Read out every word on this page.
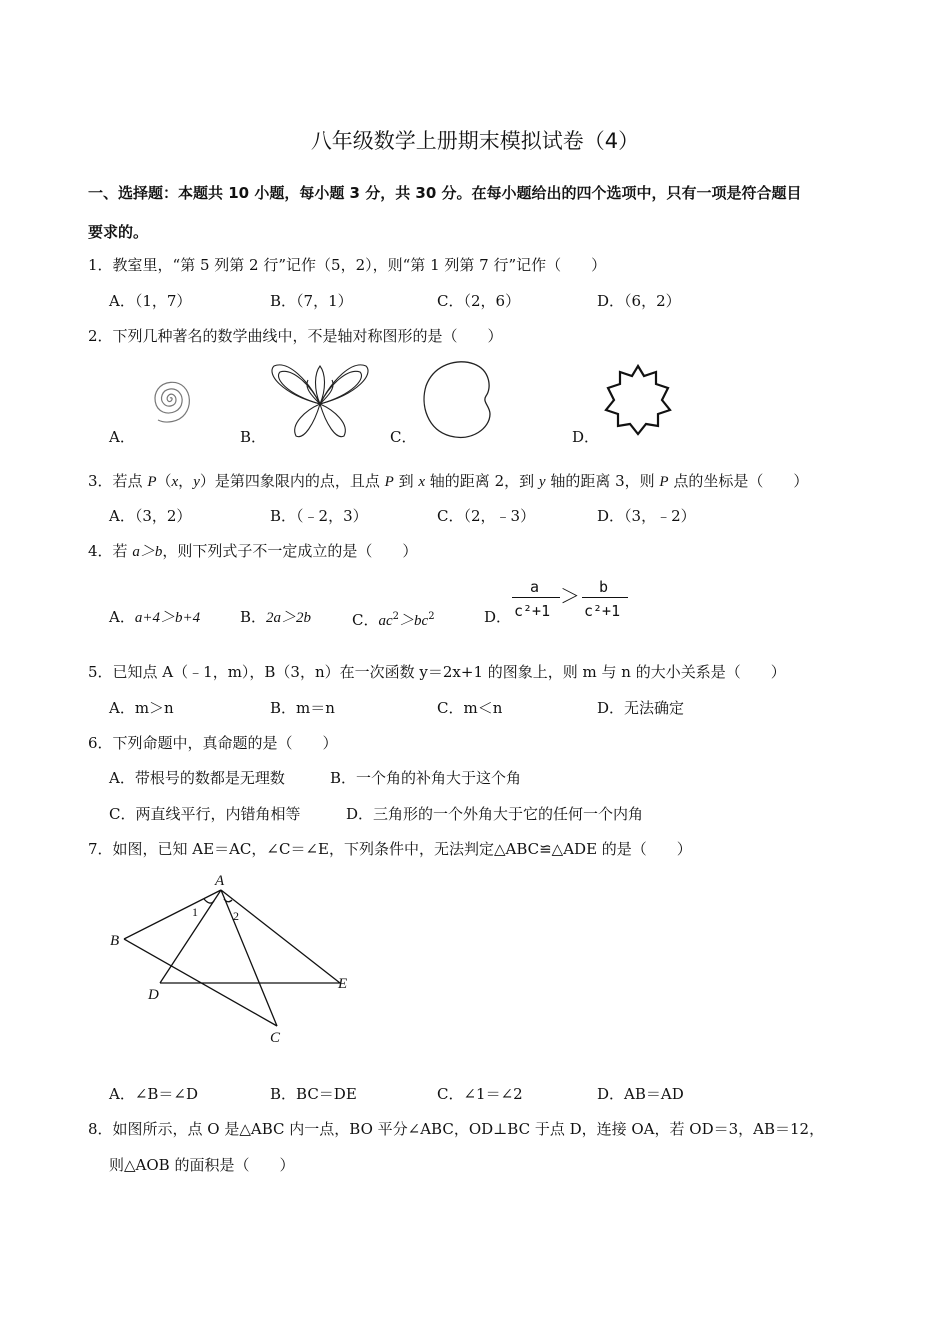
八年级数学上册期末模拟试卷（4）
一、选择题：本题共 10 小题，每小题 3 分，共 30 分。在每小题给出的四个选项中，只有一项是符合题目
要求的。
1．教室里，“第 5 列第 2 行”记作（5，2），则“第 1 列第 7 行”记作（　　）
A．（1，7）	B．（7，1）	C．（2，6）	D．（6，2）
2．下列几种著名的数学曲线中，不是轴对称图形的是（　　）
A．	B．	C．	D．
3．若点 P（x，y）是第四象限内的点，且点 P 到 x 轴的距离 2，到 y 轴的距离 3，则 P 点的坐标是（　　）
A．（3，2）	B．（﹣2，3）	C．（2，﹣3）	D．（3，﹣2）
4．若 a＞b，则下列式子不一定成立的是（　　）
A．a+4＞b+4	B．2a＞2b	C．$ac^2>bc^2$	D．
a
c²+1
＞ b
c²+1
5．已知点 A（﹣1，m），B（3，n）在一次函数 y＝2x+1 的图象上，则 m 与 n 的大小关系是（　　）
A．m＞n	B．m＝n	C．m＜n	D．无法确定
6．下列命题中，真命题的是（　　）
A．带根号的数都是无理数	B．一个角的补角大于这个角
C．两直线平行，内错角相等	D．三角形的一个外角大于它的任何一个内角
7．如图，已知 AE＝AC，∠C＝∠E，下列条件中，无法判定△ABC≌△ADE 的是（　　）
A
B
C
D
E
1	2
A．∠B＝∠D	B．BC＝DE	C．∠1＝∠2	D．AB＝AD
8．如图所示，点 O 是△ABC 内一点，BO 平分∠ABC，OD⊥BC 于点 D，连接 OA，若 OD＝3，AB＝12，
则△AOB 的面积是（　　）
